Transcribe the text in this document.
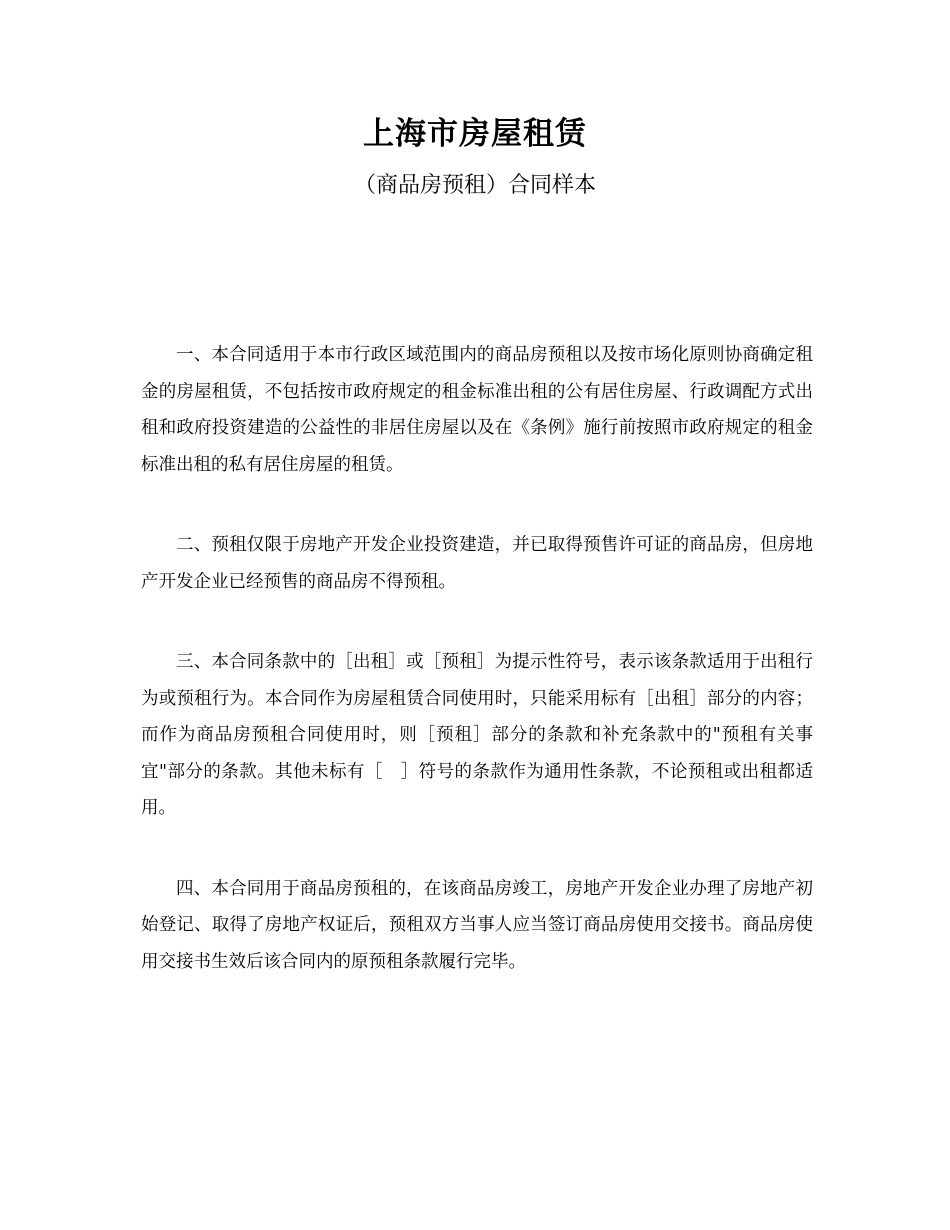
上海市房屋租赁
（商品房预租）合同样本

一、本合同适用于本市行政区域范围内的商品房预租以及按市场化原则协商确定租金的房屋租赁，不包括按市政府规定的租金标准出租的公有居住房屋、行政调配方式出租和政府投资建造的公益性的非居住房屋以及在《条例》施行前按照市政府规定的租金标准出租的私有居住房屋的租赁。

二、预租仅限于房地产开发企业投资建造，并已取得预售许可证的商品房，但房地产开发企业已经预售的商品房不得预租。

三、本合同条款中的［出租］或［预租］为提示性符号，表示该条款适用于出租行为或预租行为。本合同作为房屋租赁合同使用时，只能采用标有［出租］部分的内容；而作为商品房预租合同使用时，则［预租］部分的条款和补充条款中的"预租有关事宜"部分的条款。其他未标有［　］符号的条款作为通用性条款，不论预租或出租都适用。

四、本合同用于商品房预租的，在该商品房竣工，房地产开发企业办理了房地产初始登记、取得了房地产权证后，预租双方当事人应当签订商品房使用交接书。商品房使用交接书生效后该合同内的原预租条款履行完毕。
